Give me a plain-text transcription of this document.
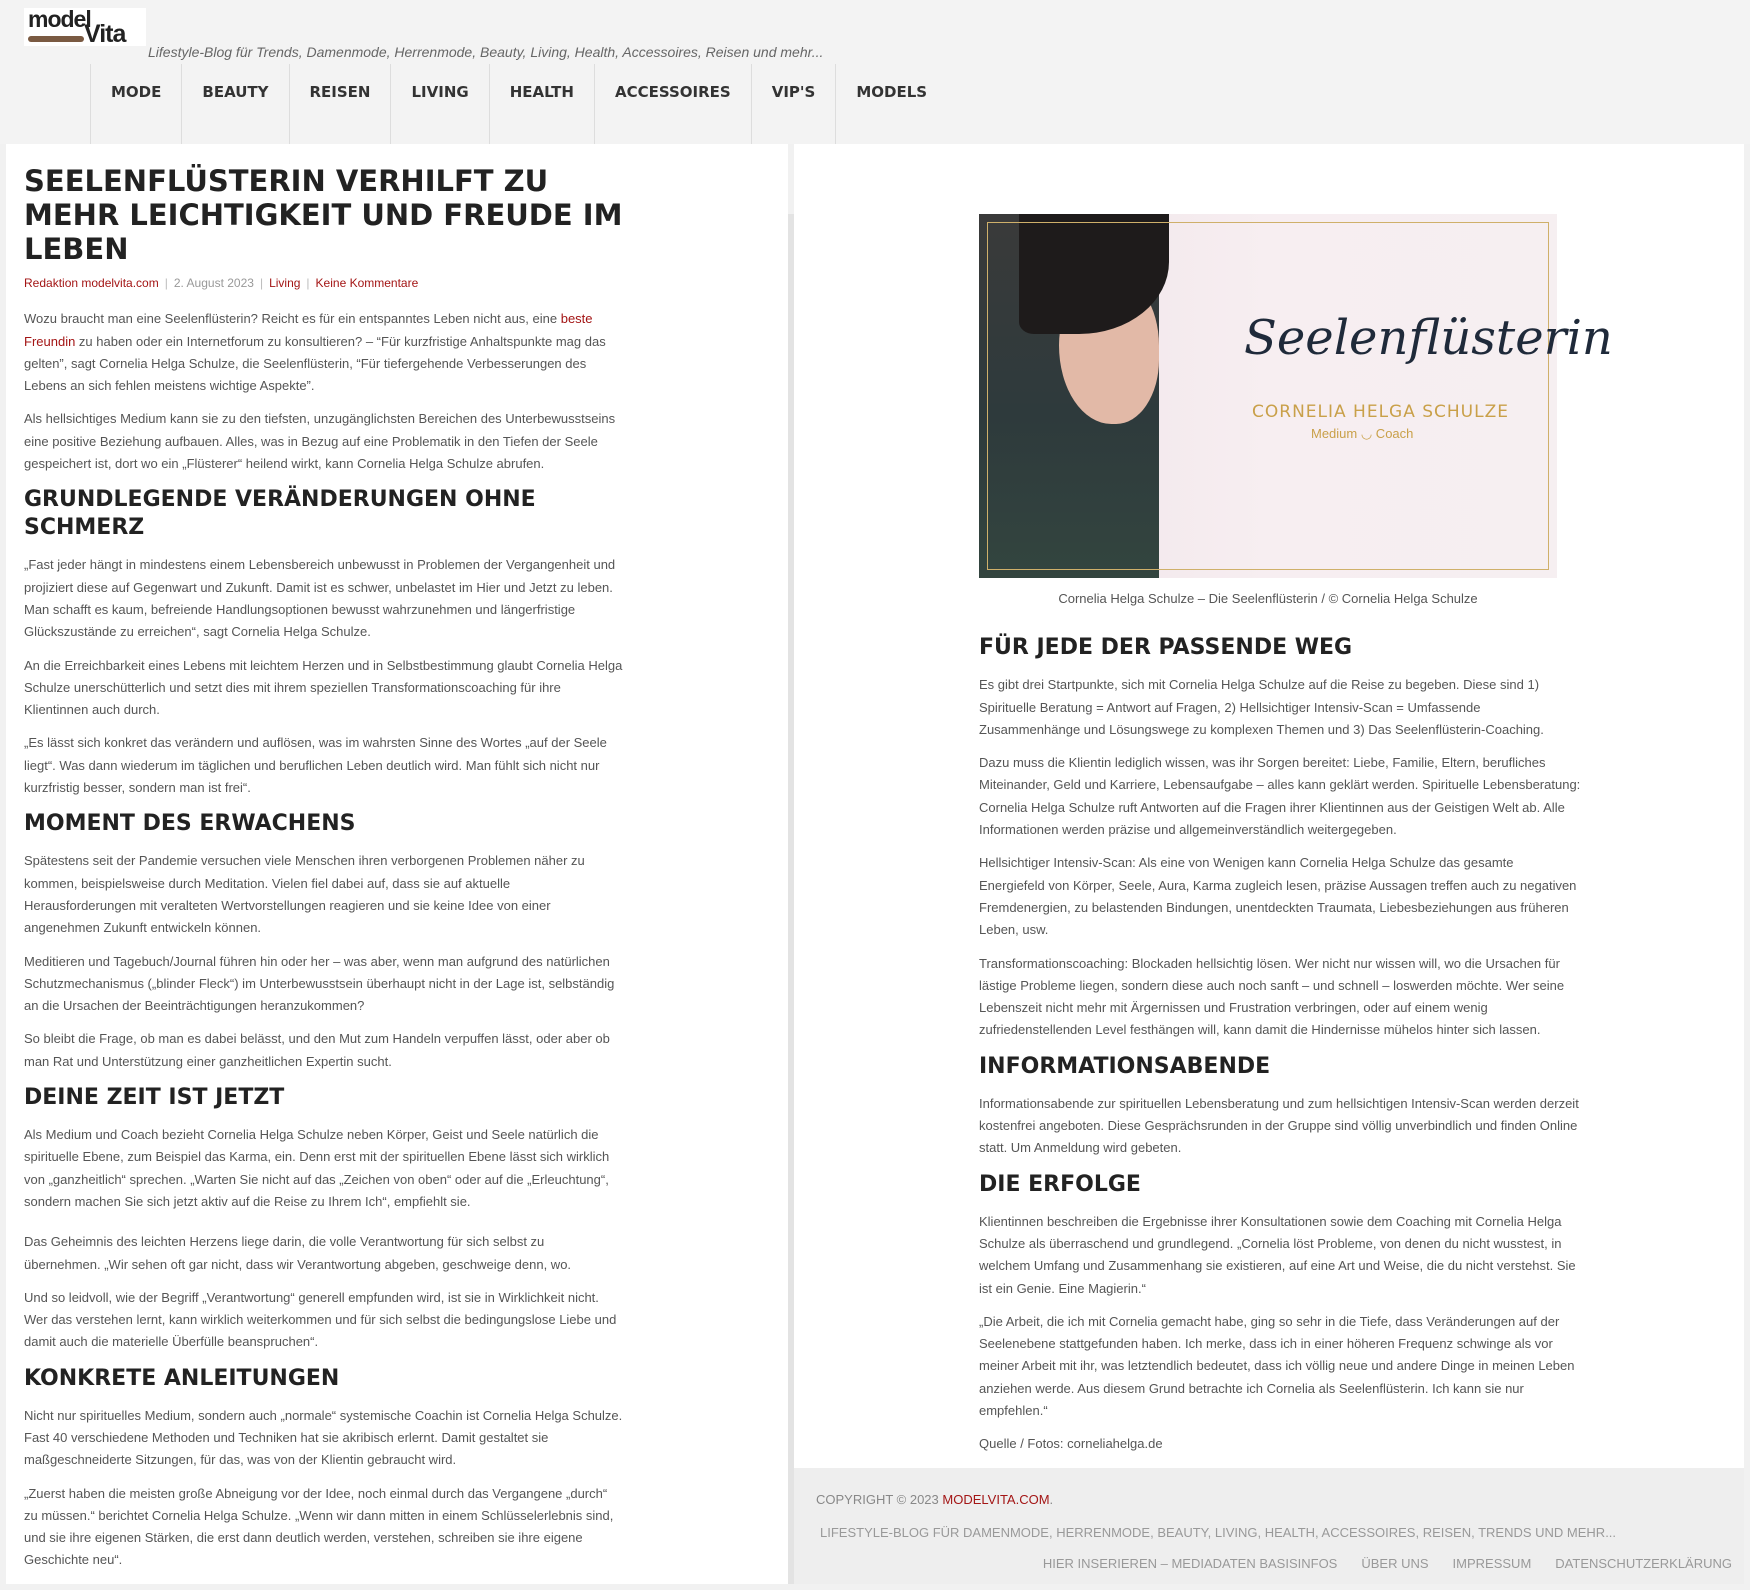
model
Vita
Lifestyle-Blog für Trends, Damenmode, Herrenmode, Beauty, Living, Health, Accessoires, Reisen und mehr...
MODE	BEAUTY	REISEN	LIVING	HEALTH	ACCESSOIRES	VIP'S	MODELS
SEELENFLÜSTERIN VERHILFT ZU MEHR LEICHTIGKEIT UND FREUDE IM LEBEN
Redaktion modelvita.com | 2. August 2023 | Living | Keine Kommentare

Wozu braucht man eine Seelenflüsterin? Reicht es für ein entspanntes Leben nicht aus, eine beste Freundin zu haben oder ein Internetforum zu konsultieren? – “Für kurzfristige Anhaltspunkte mag das gelten”, sagt Cornelia Helga Schulze, die Seelenflüsterin, “Für tiefergehende Verbesserungen des Lebens an sich fehlen meistens wichtige Aspekte”.

Als hellsichtiges Medium kann sie zu den tiefsten, unzugänglichsten Bereichen des Unterbewusstseins eine positive Beziehung aufbauen. Alles, was in Bezug auf eine Problematik in den Tiefen der Seele gespeichert ist, dort wo ein „Flüsterer“ heilend wirkt, kann Cornelia Helga Schulze abrufen.

GRUNDLEGENDE VERÄNDERUNGEN OHNE SCHMERZ

„Fast jeder hängt in mindestens einem Lebensbereich unbewusst in Problemen der Vergangenheit und projiziert diese auf Gegenwart und Zukunft. Damit ist es schwer, unbelastet im Hier und Jetzt zu leben. Man schafft es kaum, befreiende Handlungsoptionen bewusst wahrzunehmen und längerfristige Glückszustände zu erreichen“, sagt Cornelia Helga Schulze.

An die Erreichbarkeit eines Lebens mit leichtem Herzen und in Selbstbestimmung glaubt Cornelia Helga Schulze unerschütterlich und setzt dies mit ihrem speziellen Transformationscoaching für ihre Klientinnen auch durch.

„Es lässt sich konkret das verändern und auflösen, was im wahrsten Sinne des Wortes „auf der Seele liegt“. Was dann wiederum im täglichen und beruflichen Leben deutlich wird. Man fühlt sich nicht nur kurzfristig besser, sondern man ist frei“.

MOMENT DES ERWACHENS

Spätestens seit der Pandemie versuchen viele Menschen ihren verborgenen Problemen näher zu kommen, beispielsweise durch Meditation. Vielen fiel dabei auf, dass sie auf aktuelle Herausforderungen mit veralteten Wertvorstellungen reagieren und sie keine Idee von einer angenehmen Zukunft entwickeln können.

Meditieren und Tagebuch/Journal führen hin oder her – was aber, wenn man aufgrund des natürlichen Schutzmechanismus („blinder Fleck“) im Unterbewusstsein überhaupt nicht in der Lage ist, selbständig an die Ursachen der Beeinträchtigungen heranzukommen?

So bleibt die Frage, ob man es dabei belässt, und den Mut zum Handeln verpuffen lässt, oder aber ob man Rat und Unterstützung einer ganzheitlichen Expertin sucht.

DEINE ZEIT IST JETZT

Als Medium und Coach bezieht Cornelia Helga Schulze neben Körper, Geist und Seele natürlich die spirituelle Ebene, zum Beispiel das Karma, ein. Denn erst mit der spirituellen Ebene lässt sich wirklich von „ganzheitlich“ sprechen. „Warten Sie nicht auf das „Zeichen von oben“ oder auf die „Erleuchtung“, sondern machen Sie sich jetzt aktiv auf die Reise zu Ihrem Ich“, empfiehlt sie.

Das Geheimnis des leichten Herzens liege darin, die volle Verantwortung für sich selbst zu übernehmen. „Wir sehen oft gar nicht, dass wir Verantwortung abgeben, geschweige denn, wo.

Und so leidvoll, wie der Begriff „Verantwortung“ generell empfunden wird, ist sie in Wirklichkeit nicht. Wer das verstehen lernt, kann wirklich weiterkommen und für sich selbst die bedingungslose Liebe und damit auch die materielle Überfülle beanspruchen“.

KONKRETE ANLEITUNGEN

Nicht nur spirituelles Medium, sondern auch „normale“ systemische Coachin ist Cornelia Helga Schulze. Fast 40 verschiedene Methoden und Techniken hat sie akribisch erlernt. Damit gestaltet sie maßgeschneiderte Sitzungen, für das, was von der Klientin gebraucht wird.

„Zuerst haben die meisten große Abneigung vor der Idee, noch einmal durch das Vergangene „durch“ zu müssen.“ berichtet Cornelia Helga Schulze. „Wenn wir dann mitten in einem Schlüsselerlebnis sind, und sie ihre eigenen Stärken, die erst dann deutlich werden, verstehen, schreiben sie ihre eigene Geschichte neu“.

Seelenflüsterin
CORNELIA HELGA SCHULZE
Medium ◡ Coach
Cornelia Helga Schulze – Die Seelenflüsterin / © Cornelia Helga Schulze
FÜR JEDE DER PASSENDE WEG

Es gibt drei Startpunkte, sich mit Cornelia Helga Schulze auf die Reise zu begeben. Diese sind 1) Spirituelle Beratung = Antwort auf Fragen, 2) Hellsichtiger Intensiv-Scan = Umfassende Zusammenhänge und Lösungswege zu komplexen Themen und 3) Das Seelenflüsterin-Coaching.

Dazu muss die Klientin lediglich wissen, was ihr Sorgen bereitet: Liebe, Familie, Eltern, berufliches Miteinander, Geld und Karriere, Lebensaufgabe – alles kann geklärt werden. Spirituelle Lebensberatung: Cornelia Helga Schulze ruft Antworten auf die Fragen ihrer Klientinnen aus der Geistigen Welt ab. Alle Informationen werden präzise und allgemeinverständlich weitergegeben.

Hellsichtiger Intensiv-Scan: Als eine von Wenigen kann Cornelia Helga Schulze das gesamte Energiefeld von Körper, Seele, Aura, Karma zugleich lesen, präzise Aussagen treffen auch zu negativen Fremdenergien, zu belastenden Bindungen, unentdeckten Traumata, Liebesbeziehungen aus früheren Leben, usw.

Transformationscoaching: Blockaden hellsichtig lösen. Wer nicht nur wissen will, wo die Ursachen für lästige Probleme liegen, sondern diese auch noch sanft – und schnell – loswerden möchte. Wer seine Lebenszeit nicht mehr mit Ärgernissen und Frustration verbringen, oder auf einem wenig zufriedenstellenden Level festhängen will, kann damit die Hindernisse mühelos hinter sich lassen.

INFORMATIONSABENDE

Informationsabende zur spirituellen Lebensberatung und zum hellsichtigen Intensiv-Scan werden derzeit kostenfrei angeboten. Diese Gesprächsrunden in der Gruppe sind völlig unverbindlich und finden Online statt. Um Anmeldung wird gebeten.

DIE ERFOLGE

Klientinnen beschreiben die Ergebnisse ihrer Konsultationen sowie dem Coaching mit Cornelia Helga Schulze als überraschend und grundlegend. „Cornelia löst Probleme, von denen du nicht wusstest, in welchem Umfang und Zusammenhang sie existieren, auf eine Art und Weise, die du nicht verstehst. Sie ist ein Genie. Eine Magierin.“

„Die Arbeit, die ich mit Cornelia gemacht habe, ging so sehr in die Tiefe, dass Veränderungen auf der Seelenebene stattgefunden haben. Ich merke, dass ich in einer höheren Frequenz schwinge als vor meiner Arbeit mit ihr, was letztendlich bedeutet, dass ich völlig neue und andere Dinge in meinen Leben anziehen werde. Aus diesem Grund betrachte ich Cornelia als Seelenflüsterin. Ich kann sie nur empfehlen.“

Quelle / Fotos: corneliahelga.de

COPYRIGHT © 2023 MODELVITA.COM.
LIFESTYLE-BLOG FÜR DAMENMODE, HERRENMODE, BEAUTY, LIVING, HEALTH, ACCESSOIRES, REISEN, TRENDS UND MEHR...
HIER INSERIEREN – MEDIADATEN BASISINFOS ÜBER UNS IMPRESSUM DATENSCHUTZERKLÄRUNG
